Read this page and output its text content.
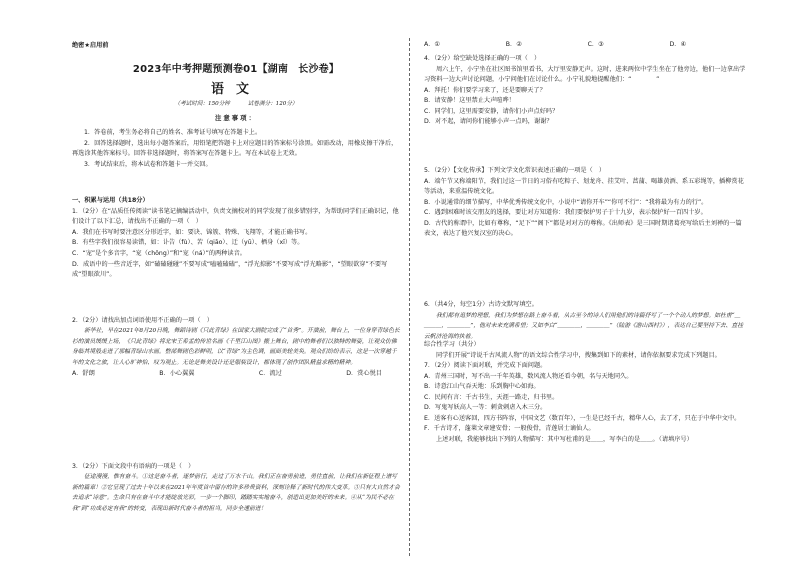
绝密★启用前
2023年中考押题预测卷01【湖南　长沙卷】
语文
（考试时间：150分钟	试卷满分：120分）
注意事项：

1．答卷前，考生务必将自己的姓名、准考证号填写在答题卡上。

2．回答选择题时，选出每小题答案后，用铅笔把答题卡上对应题目的答案标号涂黑。如需改动，用橡皮擦干净后，再选涂其他答案标号。回答非选择题时，将答案写在答题卡上。写在本试卷上无效。

3．考试结束后，将本试卷和答题卡一并交回。

一、积累与运用（共18分）

1．（2分）在“品质任传阅读”读书笔记摘编活动中，负责文摘校对的同学发现了很多错别字，为帮助同学们正确识记，他们设计了以下汇总，请找出不正确的一项（　）

A．我们在书写时要注意区分形近字，如：要诀、锦簇、特殊、飞翔等，才能正确书写。

B．有些字我们很容易读错，如：讣告（fù）、苦（qiāo）、迂（yū）、栖身（xī）等。

C．“宠”是个多音字，“宠（chǒng）”和“宠（ná）”的两种读音。

D．成语中的一些音近字，如“磕磕碰碰”不要写成“嗑嗑磕磕”，“浮光掠影”不要写成“浮光略影”，“望眼欲穿”不要写成“望眼欲川”。

2．（2分）请找出加点词语使用不正确的一项（　）

新华社，早在2021年8月20日晚，舞蹈诗剧《只此青绿》在国家大剧院完成了“首秀”。开演前，舞台上，一位身穿青绿色长衫的演员缓缓上场，《只此青绿》将北宋王希孟的传世名画《千里江山图》搬上舞台，剧中的舞者们以独特的舞姿，让观众仿佛身临其境般走进了那幅青绿山水画。整部舞剧色彩鲜明，以“青绿”为主色调，画面美轮美奂。观众们纷纷表示，这是一次穿越千年的文化之旅，让人心旷神怡、叹为观止。无论是舞美设计还是服装设计，都体现了创作团队精益求精的精神。

A．舒朗	B．小心翼翼	C．流过	D．赏心悦目

3．（2分）下面文段中有语病的一项是（　）

征途漫漫，惟有奋斗。①这是奋斗者，逐梦前行，走过了万水千山。我们正在奋勇前进，勇往直前，让我们在新征程上谱写新的篇章！②它呈现了过去十年以来在2021年年度首中留存的许多珍贵资料，深刻诠释了新时代的伟大变革。③只有大自然才会去追求“诗意”。生命只有在奋斗中才能绽放光彩，一步一个脚印，踏踏实实地奋斗，创造出更加美好的未来。④从“为民不必在我”到“功成必定有我”的转变，表现出新时代奋斗者的担当，同步全速前进！

A．①	B．②	C．③	D．④

4．（2分）给空缺处选择正确的一项（　）

周六上午，小宁坐在社区图书馆里看书，大厅里安静无声。这时，进来两位中学生坐在了他旁边，他们一边拿出学习资料一边大声讨论问题，小宁问他们在讨论什么。小宁礼貌地提醒他们：“　　　　”

A．拜托！你们要学习来了，还是要聊天了？

B．请安静！这里禁止大声喧哗！

C．同学们，这里需要安静，请你们小声点好吗？

D．对不起，请问你们能够小声一点吗，谢谢？

5．（2分）【文化传承】下列文学文化常识表述正确的一项是（　）

A．端午节又称端阳节，我们过这一节日的习俗有吃粽子、划龙舟、挂艾叶、菖蒲、喝雄黄酒、系五彩绳等，插柳赏花等活动，来重温传统文化。

B．小说通常的细节描写，中华优秀传统文化中，小说中“请你开车”“你可不行”：“我将最为有力的行”。

C．遇到困难时该交朋友的选择，要让对方知道你：我们要保护男子于十九岁，表示保护好一百四十岁。

D．古代的称谓中，比如有尊称，“足下”“阁下”都是对对方的尊称。《出师表》是三国时期诸葛亮写给后主刘禅的一篇表文，表达了他兴复汉室的决心。

6．（共4分，每空1分）古诗文默写填空。

我们都有追梦的理想，我们为梦想在路上奋斗着，从古至今的诗人们用他们的诗篇抒写了一个个动人的梦想。如杜甫“＿＿＿＿，＿＿＿＿”，他对未来充满希望；又如李白“＿＿＿＿，＿＿＿＿”（陆游《游山西村》），表达自己要坚持下去、直挂云帆济沧海的执着。

综合性学习（共分）

同学们开展“诗说千古风流人物”的语文综合性学习中，搜集到如下的素材，请你依据要求完成下列题目。

7．（2分）阅读下面对联，并完成下面问题。

A．青州三国时，写不出一千年英雄，数风流人物还看今朝，名与天地同久。

B．诗意江山气吞天地：乐到胸中心如海。

C．民间有言：千古书生，天涯一路走，归书里。

D．写鬼写妖高人一等：刺贪刺虐入木三分。

E．送客有心送客回，四方书阵容，中国文艺（数百年），一生是已经千古，精华人心，去了才，只在于中华中文中。

F．千古诗才，蓬莱文章建安骨；一般俊骨，青莲居士谪仙人。

上述对联，我能够找出下列的人物描写：其中写杜甫的是＿＿，写李白的是＿＿。（请填序号）
